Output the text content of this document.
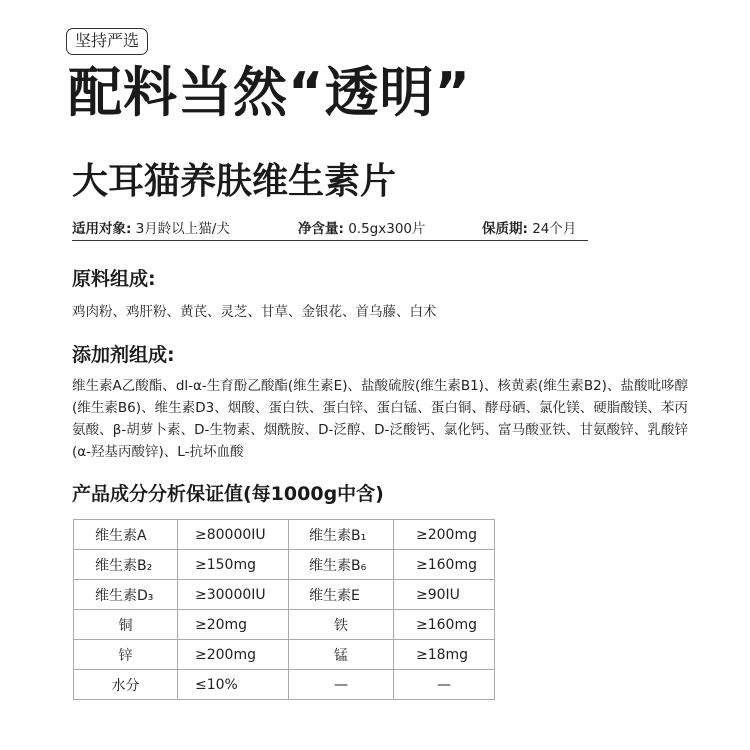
坚持严选
配料当然“透明”
大耳猫养肤维生素片
适用对象: 3月龄以上猫/犬	净含量: 0.5gx300片	保质期: 24个月
原料组成:
鸡肉粉、鸡肝粉、黄芪、灵芝、甘草、金银花、首乌藤、白术
添加剂组成:
维生素A乙酸酯、dl-α-生育酚乙酸酯(维生素E)、盐酸硫胺(维生素B1)、核黄素(维生素B2)、盐酸吡哆醇(维生素B6)、维生素D3、烟酸、蛋白铁、蛋白锌、蛋白锰、蛋白铜、酵母硒、氯化镁、硬脂酸镁、苯丙氨酸、β-胡萝卜素、D-生物素、烟酰胺、D-泛醇、D-泛酸钙、氯化钙、富马酸亚铁、甘氨酸锌、乳酸锌(α-羟基丙酸锌)、L-抗坏血酸
产品成分分析保证值(每1000g中含)
维生素A	≥80000IU	维生素B₁	≥200mg
维生素B₂	≥150mg	维生素B₆	≥160mg
维生素D₃	≥30000IU	维生素E	≥90IU
铜	≥20mg	铁	≥160mg
锌	≥200mg	锰	≥18mg
水分	≤10%	—	—
